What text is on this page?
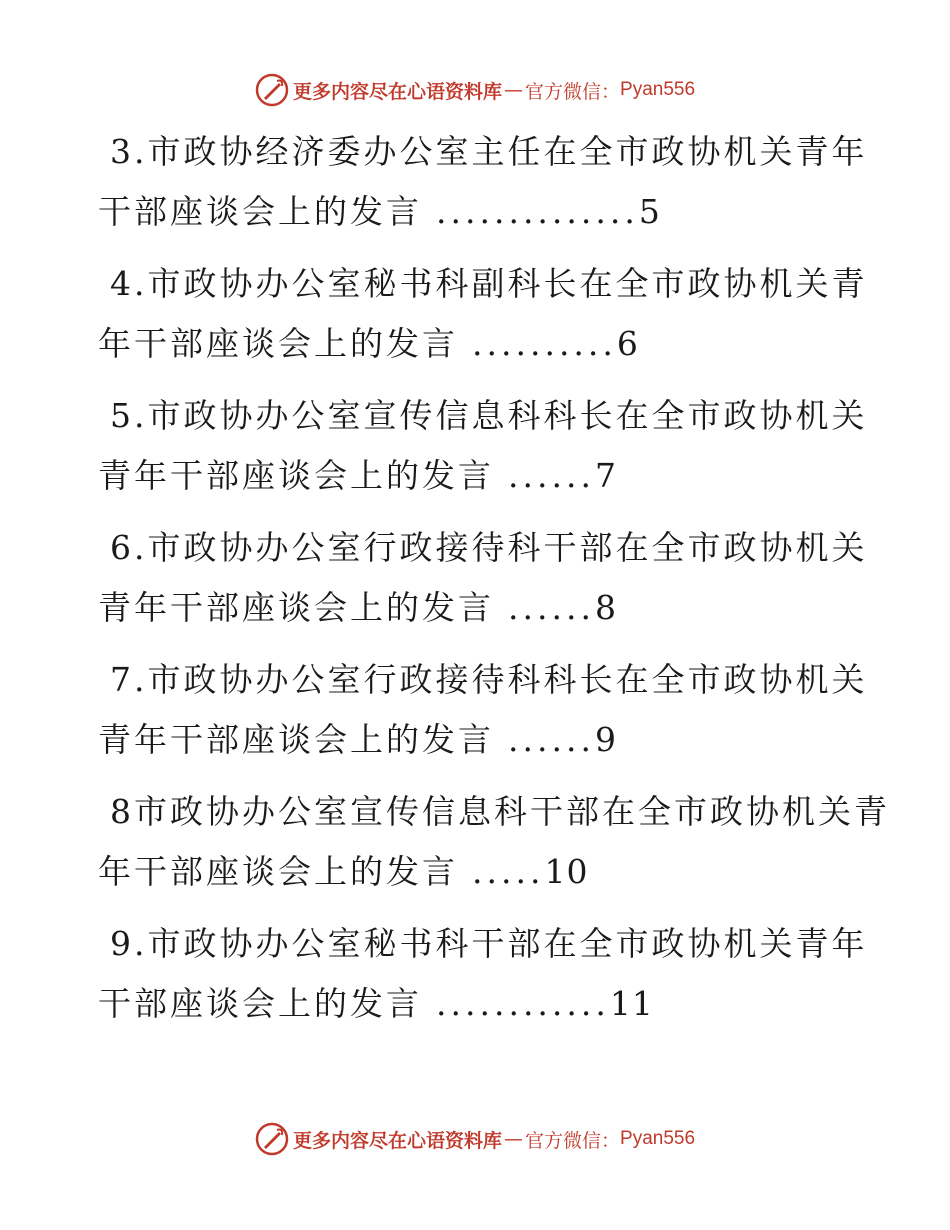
更多内容尽在心语资料库 — 官方微信 ： Pyan556
3.市政协经济委办公室主任在全市政协机关青年
干部座谈会上的发言 ..............5
4.市政协办公室秘书科副科长在全市政协机关青
年干部座谈会上的发言 ..........6
5.市政协办公室宣传信息科科长在全市政协机关
青年干部座谈会上的发言 ......7
6.市政协办公室行政接待科干部在全市政协机关
青年干部座谈会上的发言 ......8
7.市政协办公室行政接待科科长在全市政协机关
青年干部座谈会上的发言 ......9
8市政协办公室宣传信息科干部在全市政协机关青
年干部座谈会上的发言 .....10
9.市政协办公室秘书科干部在全市政协机关青年
干部座谈会上的发言 ............11
更多内容尽在心语资料库 — 官方微信 ： Pyan556
